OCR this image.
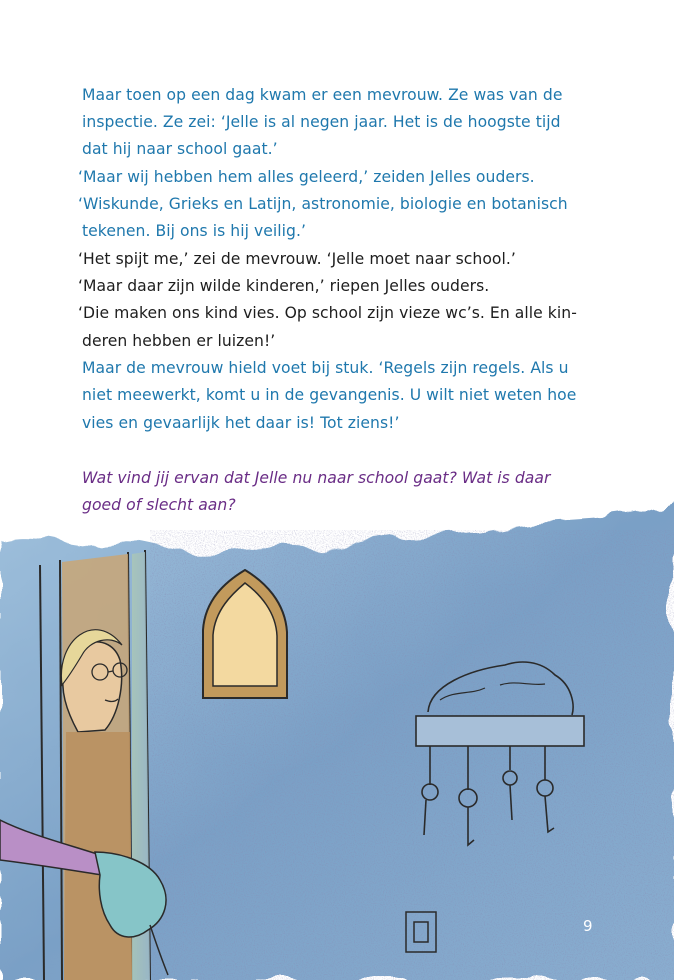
Maar toen op een dag kwam er een mevrouw. Ze was van de
inspectie. Ze zei: ‘Jelle is al negen jaar. Het is de hoogste tijd
dat hij naar school gaat.’
‘Maar wij hebben hem alles geleerd,’ zeiden Jelles ouders.
‘Wiskunde, Grieks en Latijn, astronomie, biologie en botanisch
tekenen. Bij ons is hij veilig.’
‘Het spijt me,’ zei de mevrouw. ‘Jelle moet naar school.’
‘Maar daar zijn wilde kinderen,’ riepen Jelles ouders.
‘Die maken ons kind vies. Op school zijn vieze wc’s. En alle kin-
deren hebben er luizen!’
Maar de mevrouw hield voet bij stuk. ‘Regels zijn regels. Als u
niet meewerkt, komt u in de gevangenis. U wilt niet weten hoe
vies en gevaarlijk het daar is! Tot ziens!’
Wat vind jij ervan dat Jelle nu naar school gaat? Wat is daar
goed of slecht aan?
9
